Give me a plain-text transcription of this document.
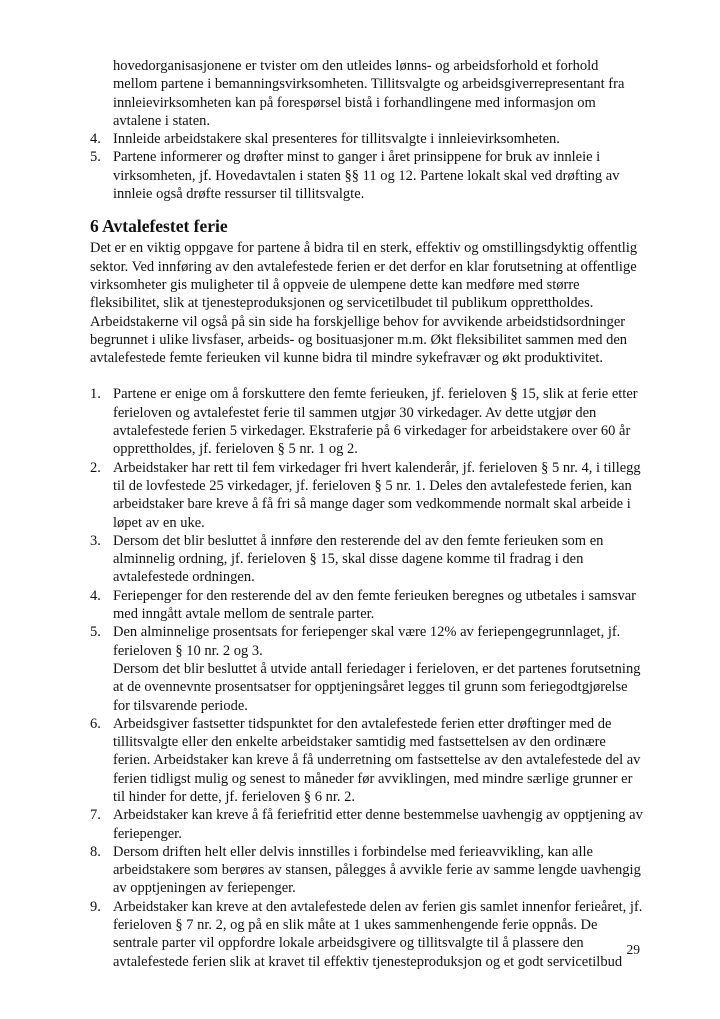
hovedorganisasjonene er tvister om den utleides lønns- og arbeidsforhold et forhold mellom partene i bemanningsvirksomheten. Tillitsvalgte og arbeidsgiverrepresentant fra innleievirksomheten kan på forespørsel bistå i forhandlingene med informasjon om avtalene i staten.

4. Innleide arbeidstakere skal presenteres for tillitsvalgte i innleievirksomheten.
5. Partene informerer og drøfter minst to ganger i året prinsippene for bruk av innleie i virksomheten, jf. Hovedavtalen i staten §§ 11 og 12. Partene lokalt skal ved drøfting av innleie også drøfte ressurser til tillitsvalgte.
6 Avtalefestet ferie

Det er en viktig oppgave for partene å bidra til en sterk, effektiv og omstillingsdyktig offentlig sektor. Ved innføring av den avtalefestede ferien er det derfor en klar forutsetning at offentlige virksomheter gis muligheter til å oppveie de ulempene dette kan medføre med større fleksibilitet, slik at tjenesteproduksjonen og servicetilbudet til publikum opprettholdes. Arbeidstakerne vil også på sin side ha forskjellige behov for avvikende arbeidstidsordninger begrunnet i ulike livsfaser, arbeids- og bosituasjoner m.m. Økt fleksibilitet sammen med den avtalefestede femte ferieuken vil kunne bidra til mindre sykefravær og økt produktivitet.

1. Partene er enige om å forskuttere den femte ferieuken, jf. ferieloven § 15, slik at ferie etter ferieloven og avtalefestet ferie til sammen utgjør 30 virkedager. Av dette utgjør den avtalefestede ferien 5 virkedager. Ekstraferie på 6 virkedager for arbeidstakere over 60 år opprettholdes, jf. ferieloven § 5 nr. 1 og 2.
2. Arbeidstaker har rett til fem virkedager fri hvert kalenderår, jf. ferieloven § 5 nr. 4, i tillegg til de lovfestede 25 virkedager, jf. ferieloven § 5 nr. 1. Deles den avtalefestede ferien, kan arbeidstaker bare kreve å få fri så mange dager som vedkommende normalt skal arbeide i løpet av en uke.
3. Dersom det blir besluttet å innføre den resterende del av den femte ferieuken som en alminnelig ordning, jf. ferieloven § 15, skal disse dagene komme til fradrag i den avtalefestede ordningen.
4. Feriepenger for den resterende del av den femte ferieuken beregnes og utbetales i samsvar med inngått avtale mellom de sentrale parter.
5. Den alminnelige prosentsats for feriepenger skal være 12% av feriepengegrunnlaget, jf. ferieloven § 10 nr. 2 og 3.
Dersom det blir besluttet å utvide antall feriedager i ferieloven, er det partenes forutsetning at de ovennevnte prosentsatser for opptjeningsåret legges til grunn som feriegodtgjørelse for tilsvarende periode.
6. Arbeidsgiver fastsetter tidspunktet for den avtalefestede ferien etter drøftinger med de tillitsvalgte eller den enkelte arbeidstaker samtidig med fastsettelsen av den ordinære ferien. Arbeidstaker kan kreve å få underretning om fastsettelse av den avtalefestede del av ferien tidligst mulig og senest to måneder før avviklingen, med mindre særlige grunner er til hinder for dette, jf. ferieloven § 6 nr. 2.
7. Arbeidstaker kan kreve å få feriefritid etter denne bestemmelse uavhengig av opptjening av feriepenger.
8. Dersom driften helt eller delvis innstilles i forbindelse med ferieavvikling, kan alle arbeidstakere som berøres av stansen, pålegges å avvikle ferie av samme lengde uavhengig av opptjeningen av feriepenger.
9. Arbeidstaker kan kreve at den avtalefestede delen av ferien gis samlet innenfor ferieåret, jf. ferieloven § 7 nr. 2, og på en slik måte at 1 ukes sammenhengende ferie oppnås. De sentrale parter vil oppfordre lokale arbeidsgivere og tillitsvalgte til å plassere den avtalefestede ferien slik at kravet til effektiv tjenesteproduksjon og et godt servicetilbud
29
